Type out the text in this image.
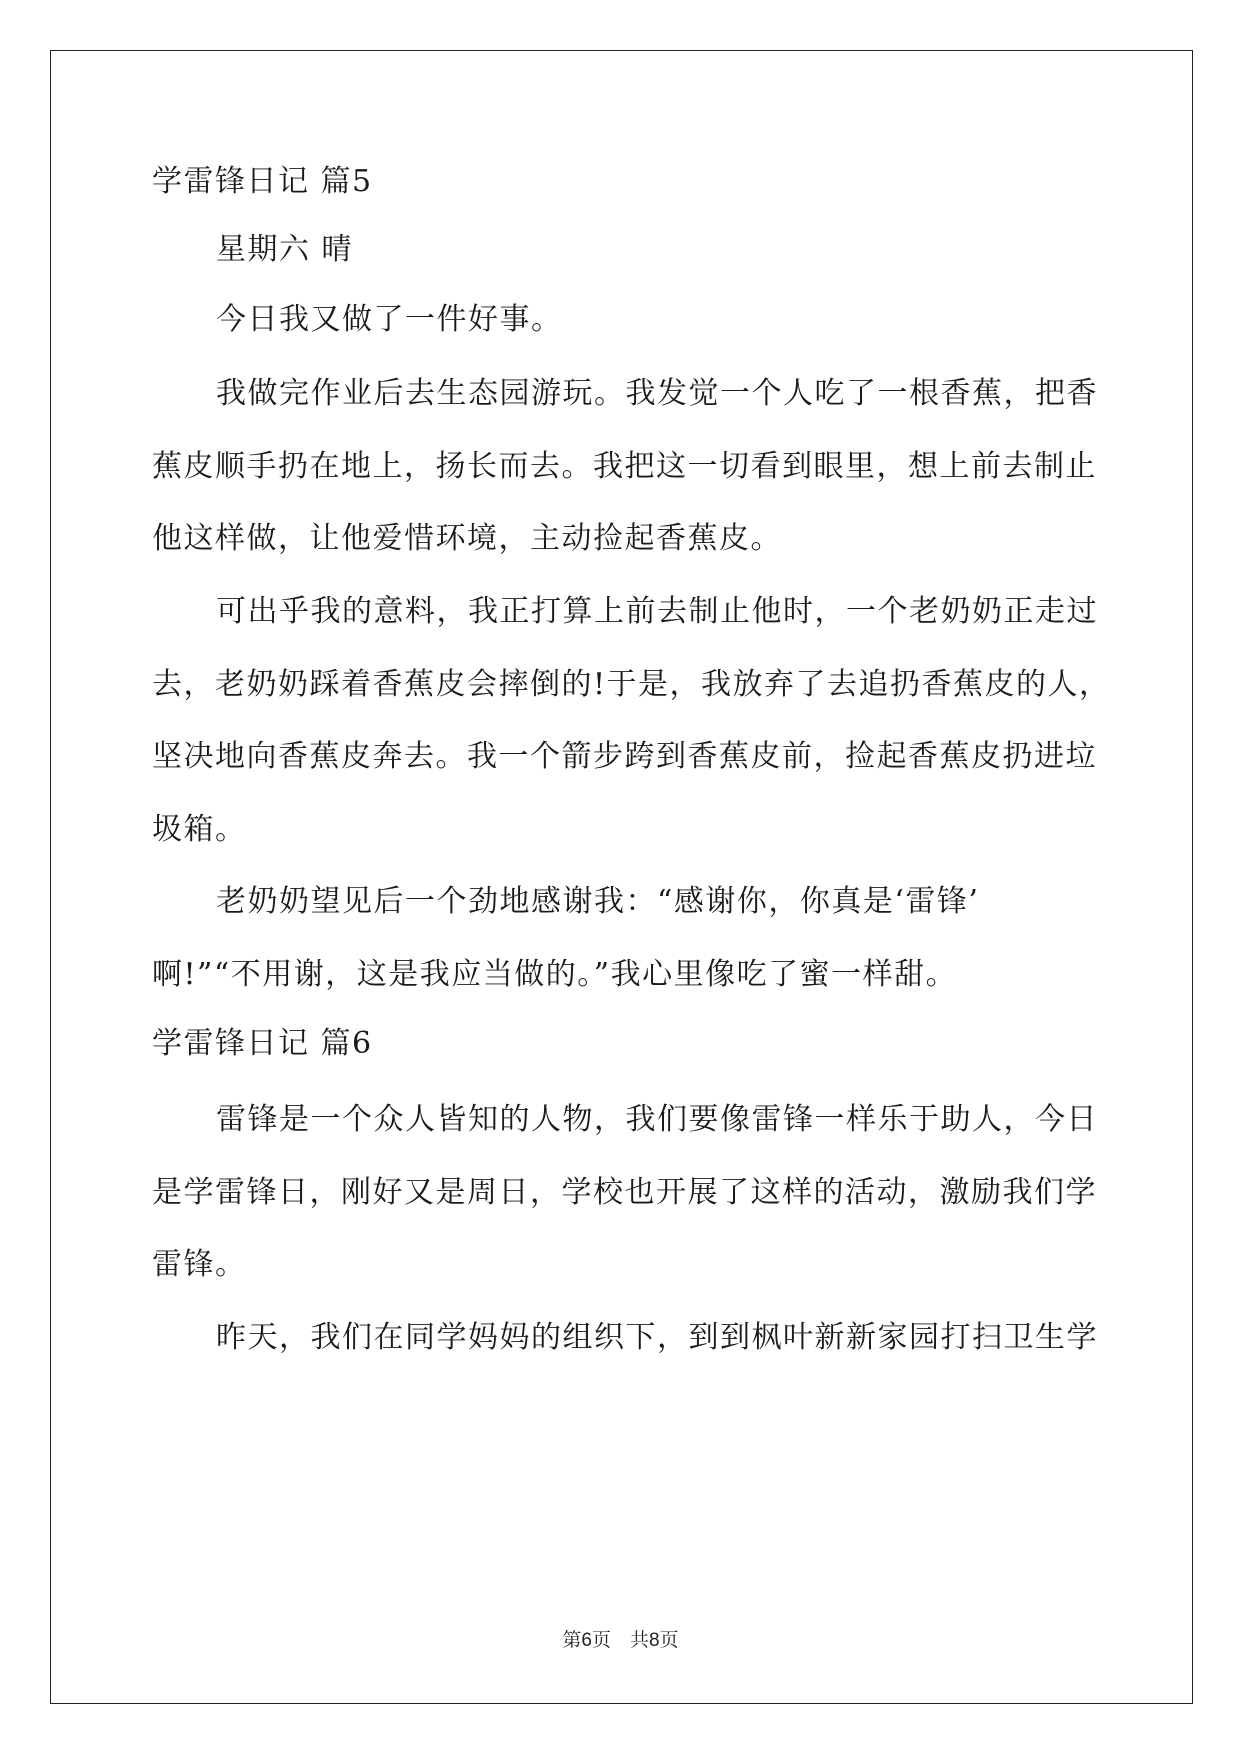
学雷锋日记 篇5
星期六 晴
今日我又做了一件好事。
我做完作业后去生态园游玩。我发觉一个人吃了一根香蕉，把香
蕉皮顺手扔在地上，扬长而去。我把这一切看到眼里，想上前去制止
他这样做，让他爱惜环境，主动捡起香蕉皮。
可出乎我的意料，我正打算上前去制止他时，一个老奶奶正走过
去，老奶奶踩着香蕉皮会摔倒的!于是，我放弃了去追扔香蕉皮的人，
坚决地向香蕉皮奔去。我一个箭步跨到香蕉皮前，捡起香蕉皮扔进垃
圾箱。
老奶奶望见后一个劲地感谢我：“感谢你，你真是‘雷锋’
啊!”“不用谢，这是我应当做的。”我心里像吃了蜜一样甜。
学雷锋日记 篇6
雷锋是一个众人皆知的人物，我们要像雷锋一样乐于助人，今日
是学雷锋日，刚好又是周日，学校也开展了这样的活动，激励我们学
雷锋。
昨天，我们在同学妈妈的组织下，到到枫叶新新家园打扫卫生学
第6页    共8页
